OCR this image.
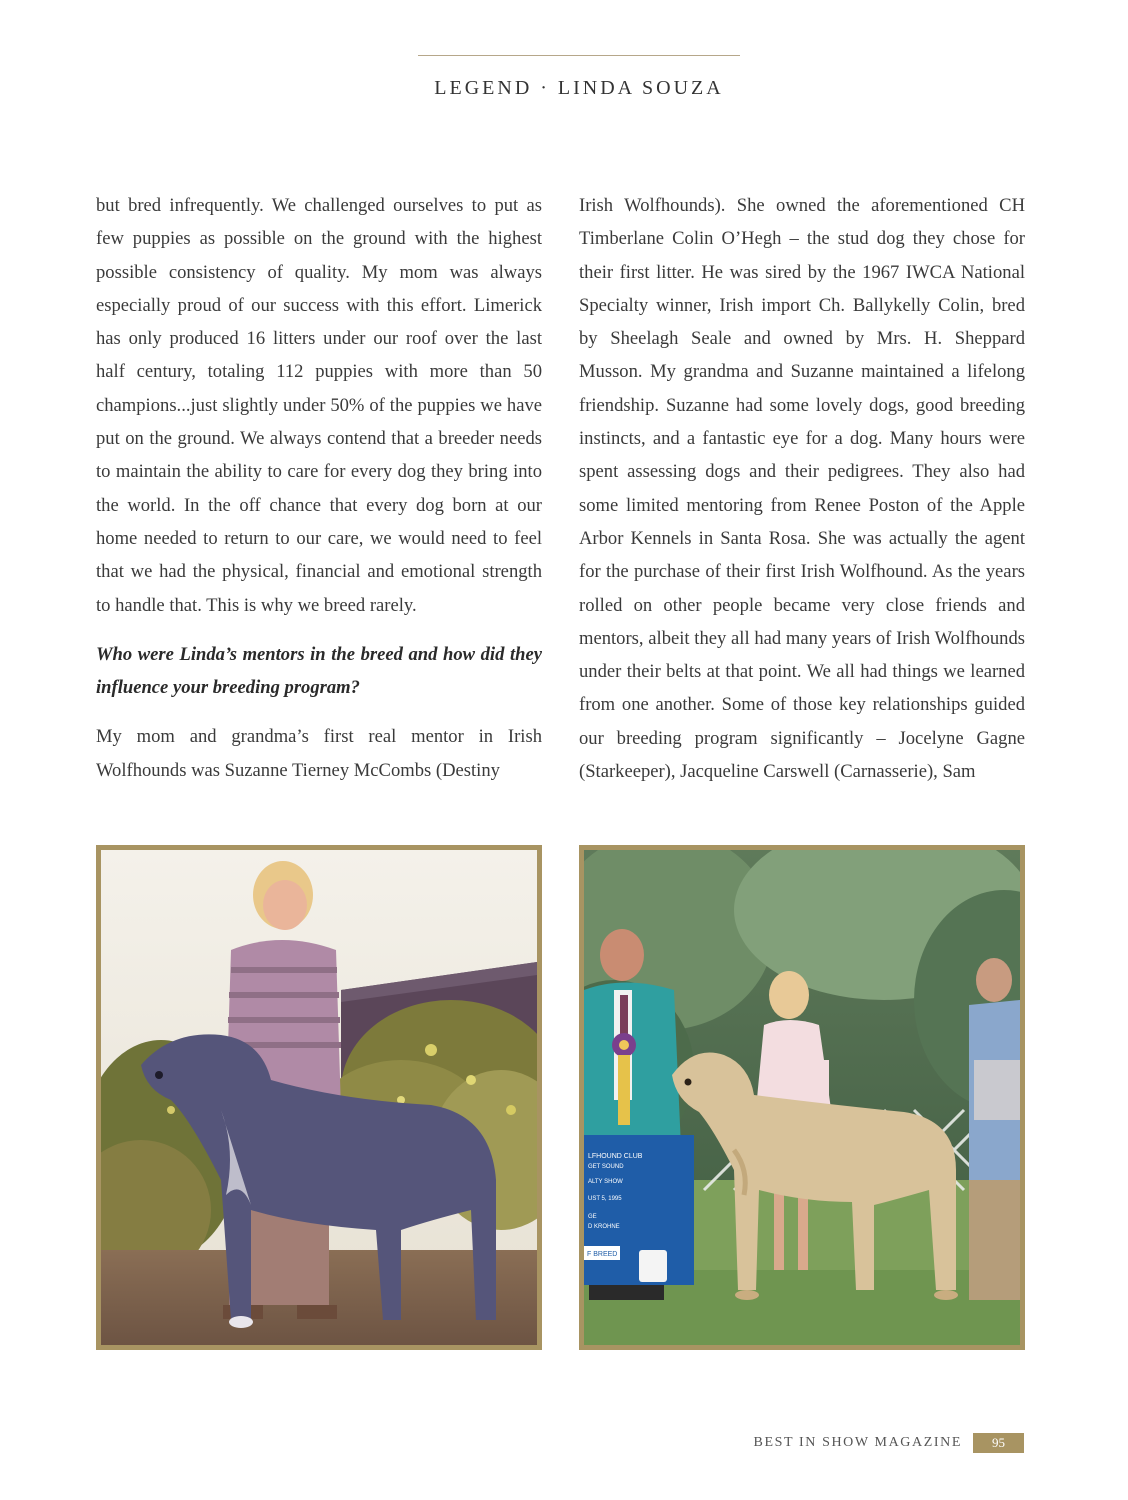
LEGEND · LINDA SOUZA

but bred infrequently. We challenged ourselves to put as few puppies as possible on the ground with the highest possible consistency of quality. My mom was always especially proud of our success with this effort. Limerick has only produced 16 litters under our roof over the last half century, totaling 112 puppies with more than 50 champions...just slightly under 50% of the puppies we have put on the ground. We always contend that a breeder needs to maintain the ability to care for every dog they bring into the world. In the off chance that every dog born at our home needed to return to our care, we would need to feel that we had the physical, financial and emotional strength to handle that. This is why we breed rarely.

Who were Linda’s mentors in the breed and how did they influence your breeding program?

My mom and grandma’s first real mentor in Irish Wolfhounds was Suzanne Tierney McCombs (Destiny

Irish Wolfhounds). She owned the aforementioned CH Timberlane Colin O’Hegh – the stud dog they chose for their first litter. He was sired by the 1967 IWCA National Specialty winner, Irish import Ch. Ballykelly Colin, bred by Sheelagh Seale and owned by Mrs. H. Sheppard Musson. My grandma and Suzanne maintained a lifelong friendship. Suzanne had some lovely dogs, good breeding instincts, and a fantastic eye for a dog. Many hours were spent assessing dogs and their pedigrees. They also had some limited mentoring from Renee Poston of the Apple Arbor Kennels in Santa Rosa. She was actually the agent for the purchase of their first Irish Wolfhound. As the years rolled on other people became very close friends and mentors, albeit they all had many years of Irish Wolfhounds under their belts at that point. We all had things we learned from one another. Some of those key relationships guided our breeding program significantly – Jocelyne Gagne (Starkeeper), Jacqueline Carswell (Carnasserie), Sam

LFHOUND CLUB
GET SOUND
ALTY SHOW
UST 5, 1995
GE
D KROHNE
F BREED
BEST IN SHOW MAGAZINE	95
